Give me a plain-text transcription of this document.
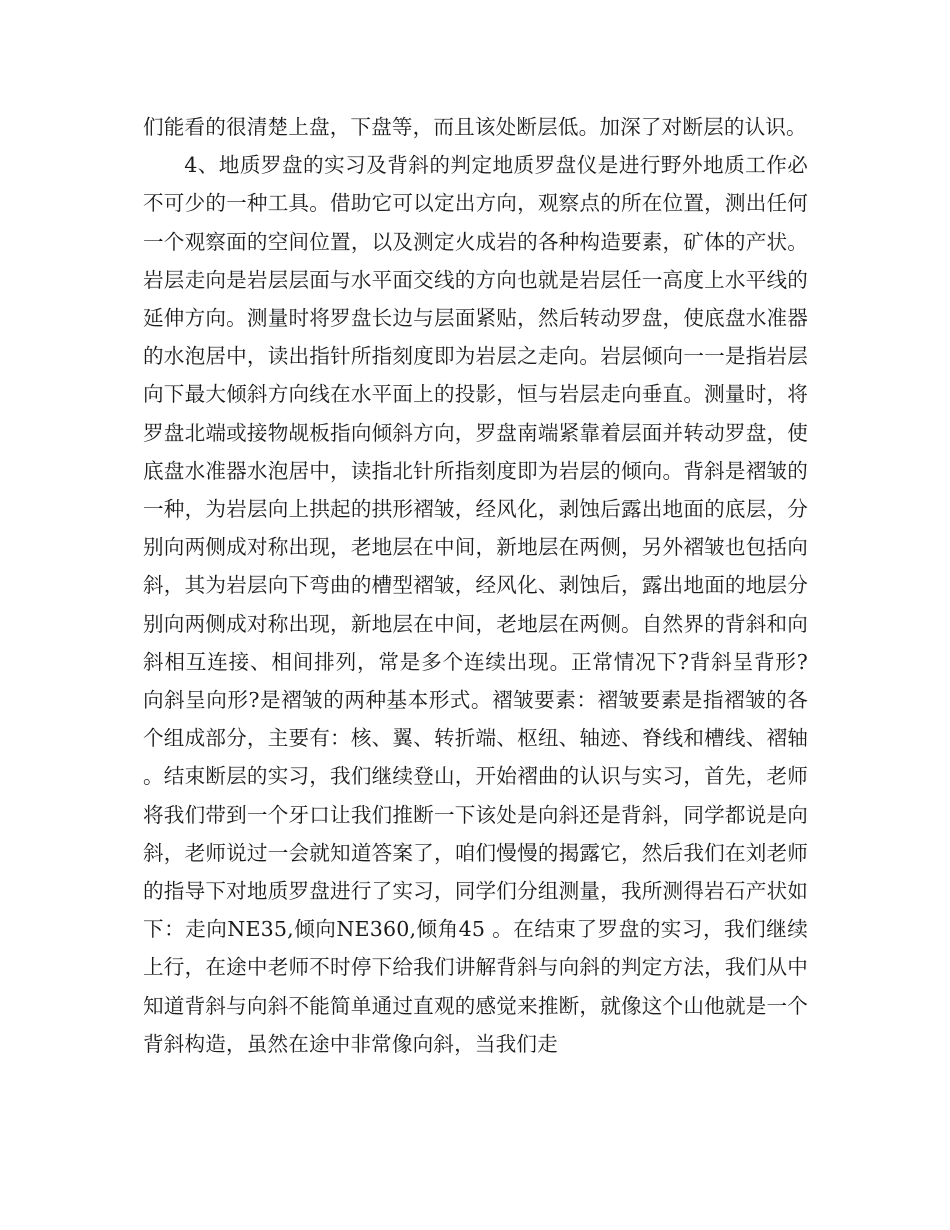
们能看的很清楚上盘，下盘等，而且该处断层低。加深了对断层的认识。

4、地质罗盘的实习及背斜的判定地质罗盘仪是进行野外地质工作必不可少的一种工具。借助它可以定出方向，观察点的所在位置，测出任何一个观察面的空间位置，以及测定火成岩的各种构造要素，矿体的产状。岩层走向是岩层层面与水平面交线的方向也就是岩层任一高度上水平线的延伸方向。测量时将罗盘长边与层面紧贴，然后转动罗盘，使底盘水准器的水泡居中，读出指针所指刻度即为岩层之走向。岩层倾向一一是指岩层向下最大倾斜方向线在水平面上的投影，恒与岩层走向垂直。测量时，将罗盘北端或接物觇板指向倾斜方向，罗盘南端紧靠着层面并转动罗盘，使底盘水准器水泡居中，读指北针所指刻度即为岩层的倾向。背斜是褶皱的一种，为岩层向上拱起的拱形褶皱，经风化，剥蚀后露出地面的底层，分别向两侧成对称出现，老地层在中间，新地层在两侧，另外褶皱也包括向斜，其为岩层向下弯曲的槽型褶皱，经风化、剥蚀后，露出地面的地层分别向两侧成对称出现，新地层在中间，老地层在两侧。自然界的背斜和向斜相互连接、相间排列，常是多个连续出现。正常情况下?背斜呈背形?向斜呈向形?是褶皱的两种基本形式。褶皱要素：褶皱要素是指褶皱的各个组成部分，主要有：核、翼、转折端、枢纽、轴迹、脊线和槽线、褶轴。结束断层的实习，我们继续登山，开始褶曲的认识与实习，首先，老师将我们带到一个牙口让我们推断一下该处是向斜还是背斜，同学都说是向斜，老师说过一会就知道答案了，咱们慢慢的揭露它，然后我们在刘老师的指导下对地质罗盘进行了实习，同学们分组测量，我所测得岩石产状如下：走向NE35,倾向NE360,倾角45 。在结束了罗盘的实习，我们继续上行，在途中老师不时停下给我们讲解背斜与向斜的判定方法，我们从中知道背斜与向斜不能简单通过直观的感觉来推断，就像这个山他就是一个背斜构造，虽然在途中非常像向斜，当我们走
